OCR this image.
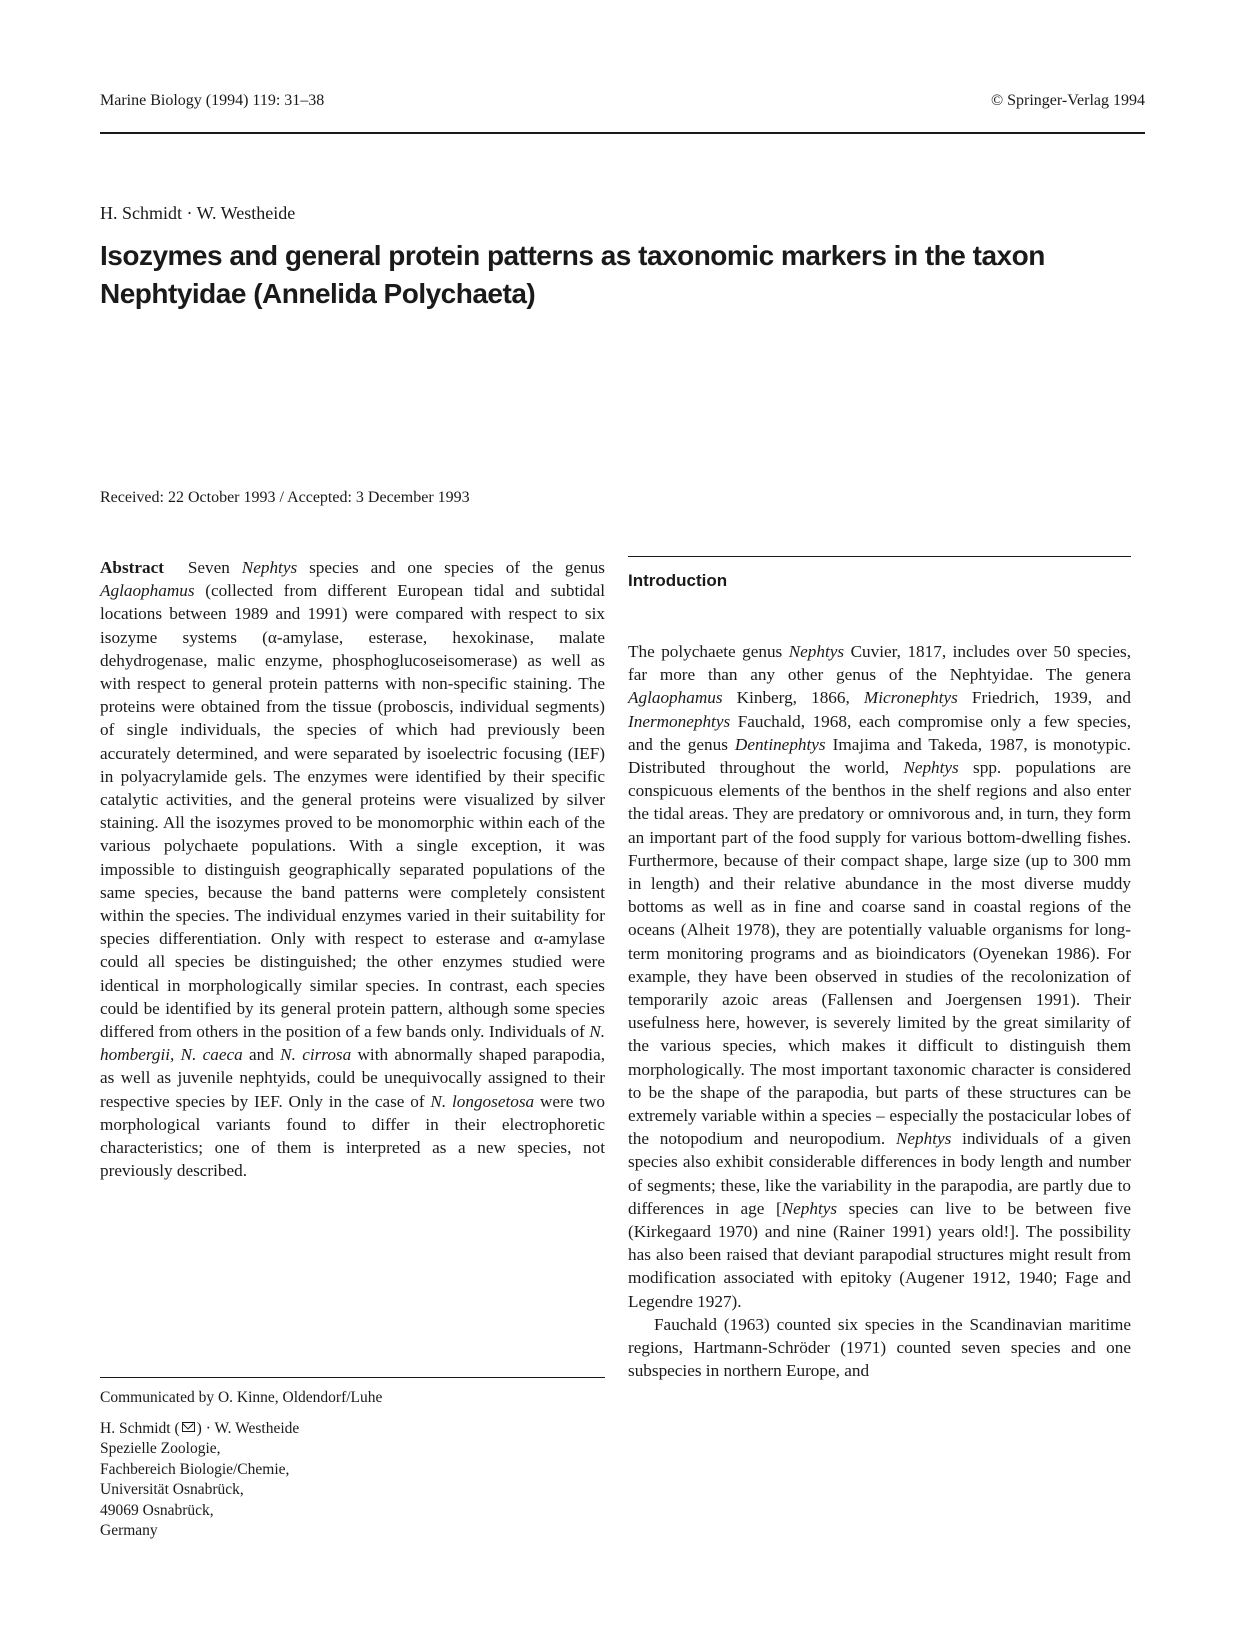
Marine Biology (1994) 119: 31–38	© Springer-Verlag 1994
H. Schmidt · W. Westheide
Isozymes and general protein patterns as taxonomic markers in the taxon Nephtyidae (Annelida Polychaeta)
Received: 22 October 1993 / Accepted: 3 December 1993

Abstract Seven Nephtys species and one species of the genus Aglaophamus (collected from different European tidal and subtidal locations between 1989 and 1991) were compared with respect to six isozyme systems (α-amylase, esterase, hexokinase, malate dehydrogenase, malic enzyme, phosphoglucoseisomerase) as well as with respect to general protein patterns with non-specific staining. The proteins were obtained from the tissue (proboscis, individual segments) of single individuals, the species of which had previously been accurately determined, and were separated by isoelectric focusing (IEF) in polyacrylamide gels. The enzymes were identified by their specific catalytic activities, and the general proteins were visualized by silver staining. All the isozymes proved to be monomorphic within each of the various polychaete populations. With a single exception, it was impossible to distinguish geographically separated populations of the same species, because the band patterns were completely consistent within the species. The individual enzymes varied in their suitability for species differentiation. Only with respect to esterase and α-amylase could all species be distinguished; the other enzymes studied were identical in morphologically similar species. In contrast, each species could be identified by its general protein pattern, although some species differed from others in the position of a few bands only. Individuals of N. hombergii, N. caeca and N. cirrosa with abnormally shaped parapodia, as well as juvenile nephtyids, could be unequivocally assigned to their respective species by IEF. Only in the case of N. longosetosa were two morphological variants found to differ in their electrophoretic characteristics; one of them is interpreted as a new species, not previously described.

Communicated by O. Kinne, Oldendorf/Luhe
H. Schmidt ( ) · W. Westheide
Spezielle Zoologie,
Fachbereich Biologie/Chemie,
Universität Osnabrück,
49069 Osnabrück,
Germany
Introduction

The polychaete genus Nephtys Cuvier, 1817, includes over 50 species, far more than any other genus of the Nephtyidae. The genera Aglaophamus Kinberg, 1866, Micronephtys Friedrich, 1939, and Inermonephtys Fauchald, 1968, each compromise only a few species, and the genus Dentinephtys Imajima and Takeda, 1987, is monotypic. Distributed throughout the world, Nephtys spp. populations are conspicuous elements of the benthos in the shelf regions and also enter the tidal areas. They are predatory or omnivorous and, in turn, they form an important part of the food supply for various bottom-dwelling fishes. Furthermore, because of their compact shape, large size (up to 300 mm in length) and their relative abundance in the most diverse muddy bottoms as well as in fine and coarse sand in coastal regions of the oceans (Alheit 1978), they are potentially valuable organisms for long-term monitoring programs and as bioindicators (Oyenekan 1986). For example, they have been observed in studies of the recolonization of temporarily azoic areas (Fallensen and Joergensen 1991). Their usefulness here, however, is severely limited by the great similarity of the various species, which makes it difficult to distinguish them morphologically. The most important taxonomic character is considered to be the shape of the parapodia, but parts of these structures can be extremely variable within a species – especially the postacicular lobes of the notopodium and neuropodium. Nephtys individuals of a given species also exhibit considerable differences in body length and number of segments; these, like the variability in the parapodia, are partly due to differences in age [Nephtys species can live to be between five (Kirkegaard 1970) and nine (Rainer 1991) years old!]. The possibility has also been raised that deviant parapodial structures might result from modification associated with epitoky (Augener 1912, 1940; Fage and Legendre 1927).

Fauchald (1963) counted six species in the Scandinavian maritime regions, Hartmann-Schröder (1971) counted seven species and one subspecies in northern Europe, and
